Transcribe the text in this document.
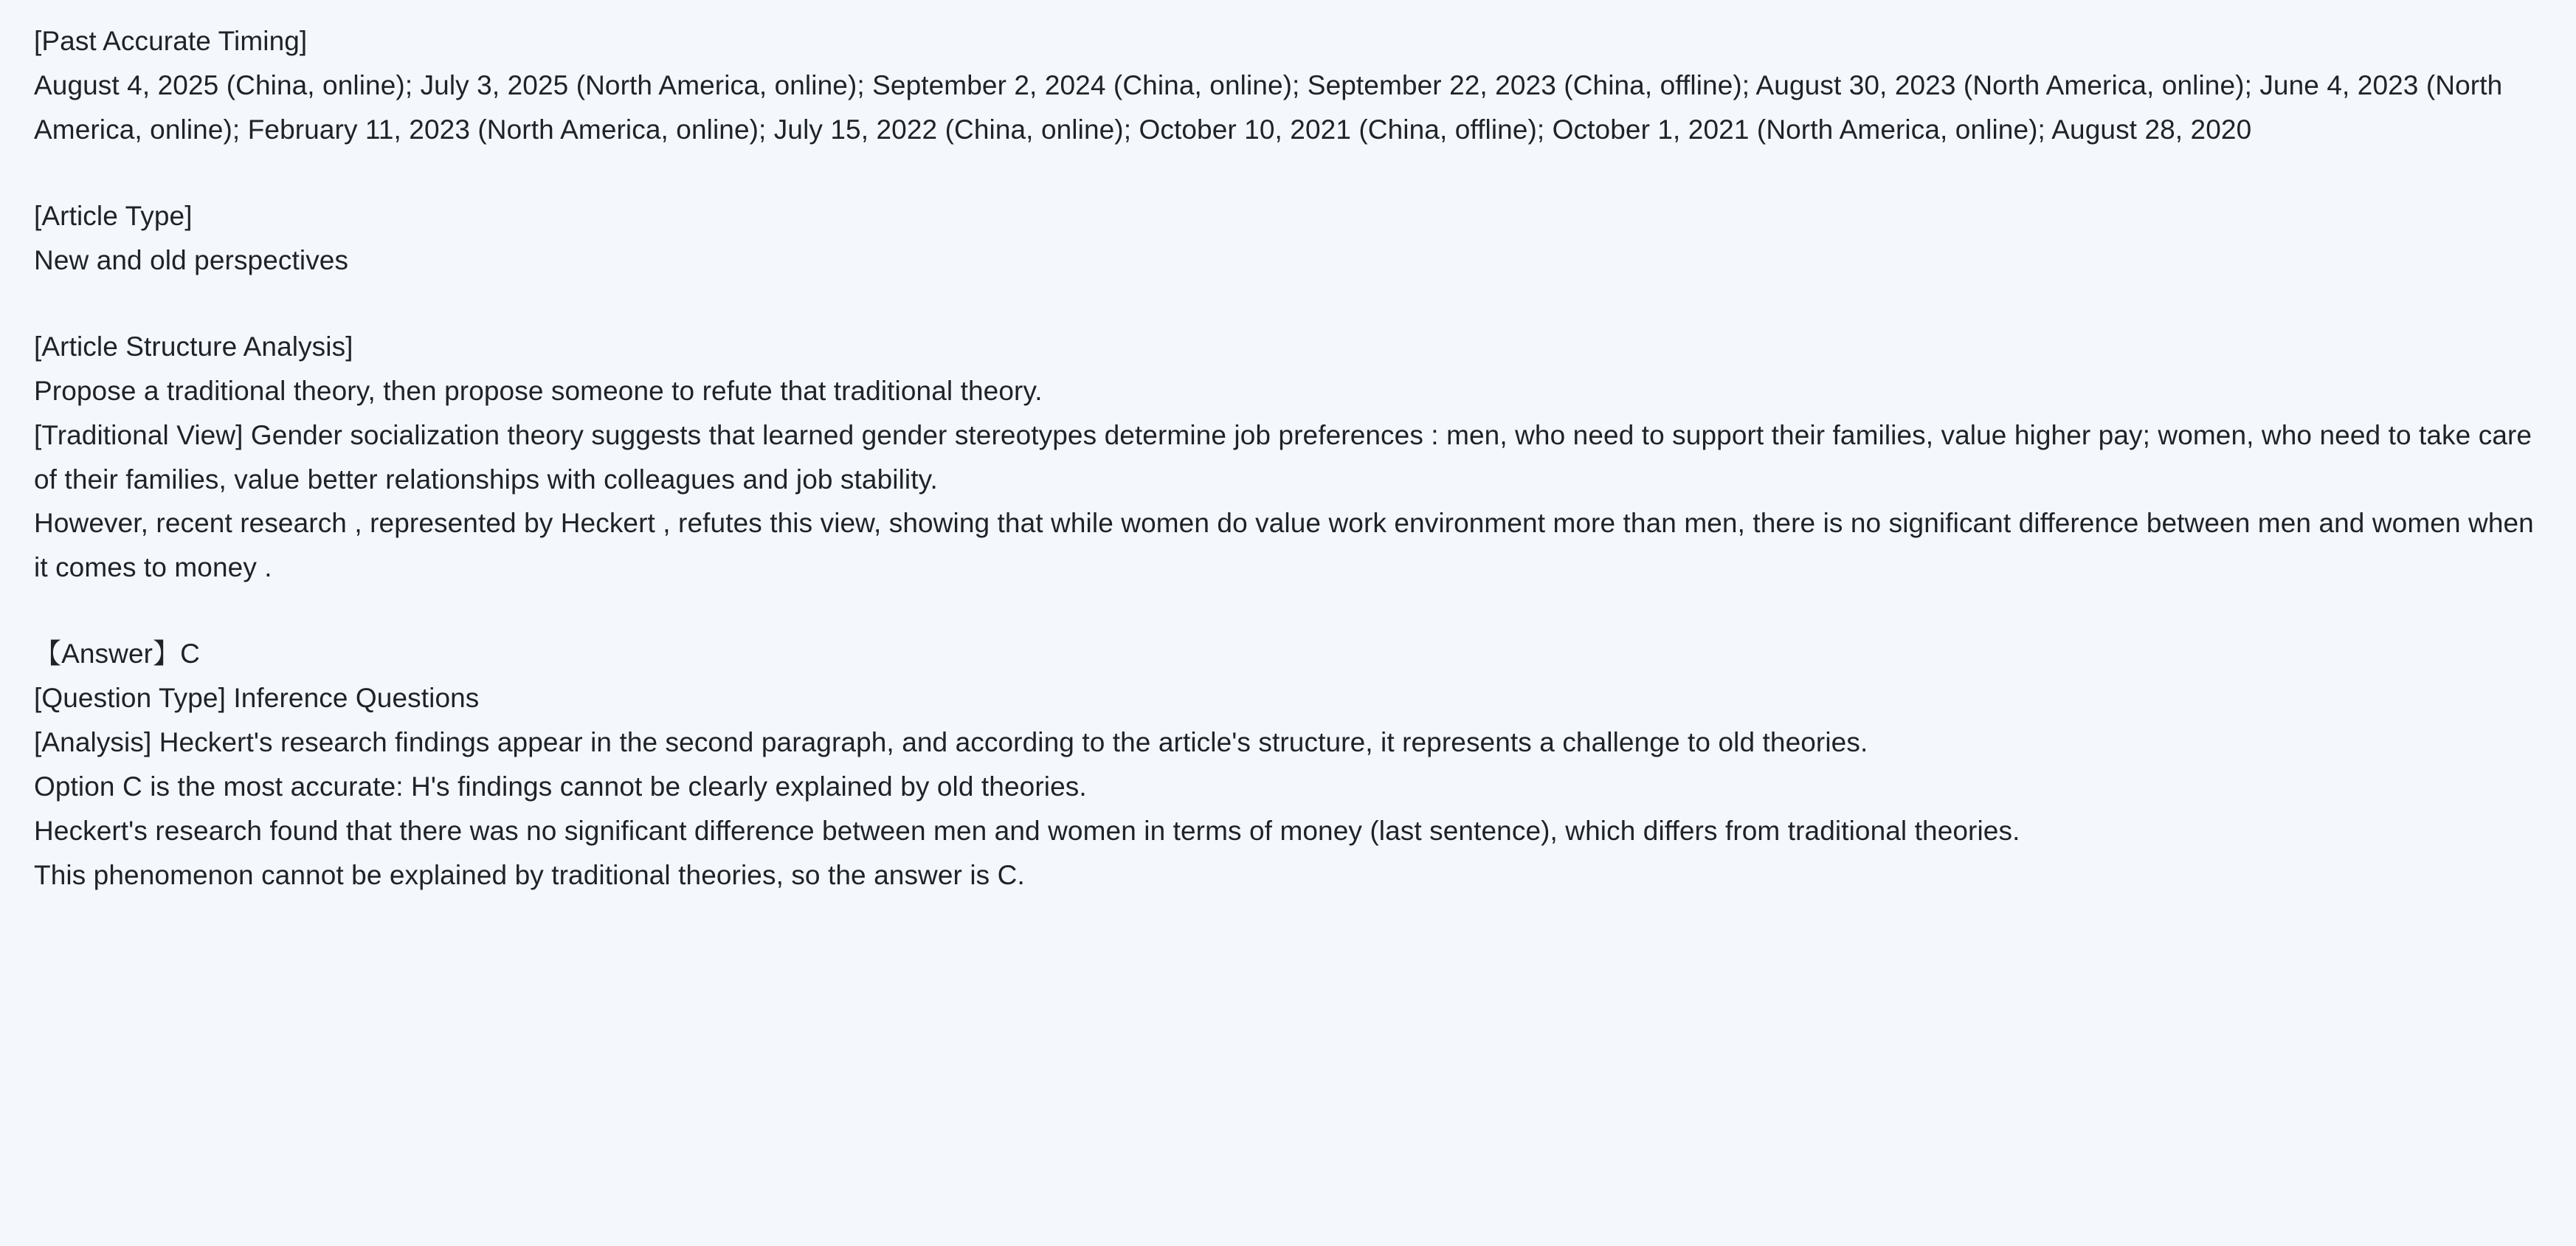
[Past Accurate Timing]
August 4, 2025 (China, online); July 3, 2025 (North America, online); September 2, 2024 (China, online); September 22, 2023 (China, offline); August 30, 2023 (North America, online); June 4, 2023 (North America, online); February 11, 2023 (North America, online); July 15, 2022 (China, online); October 10, 2021 (China, offline); October 1, 2021 (North America, online); August 28, 2020
[Article Type]
New and old perspectives
[Article Structure Analysis]
Propose a traditional theory, then propose someone to refute that traditional theory.
[Traditional View] Gender socialization theory suggests that learned gender stereotypes determine job preferences : men, who need to support their families, value higher pay; women, who need to take care of their families, value better relationships with colleagues and job stability.
However, recent research , represented by Heckert , refutes this view, showing that while women do value work environment more than men, there is no significant difference between men and women when it comes to money .
【Answer】C
[Question Type] Inference Questions
[Analysis] Heckert's research findings appear in the second paragraph, and according to the article's structure, it represents a challenge to old theories.
Option C is the most accurate: H's findings cannot be clearly explained by old theories.
Heckert's research found that there was no significant difference between men and women in terms of money (last sentence), which differs from traditional theories.
This phenomenon cannot be explained by traditional theories, so the answer is C.
